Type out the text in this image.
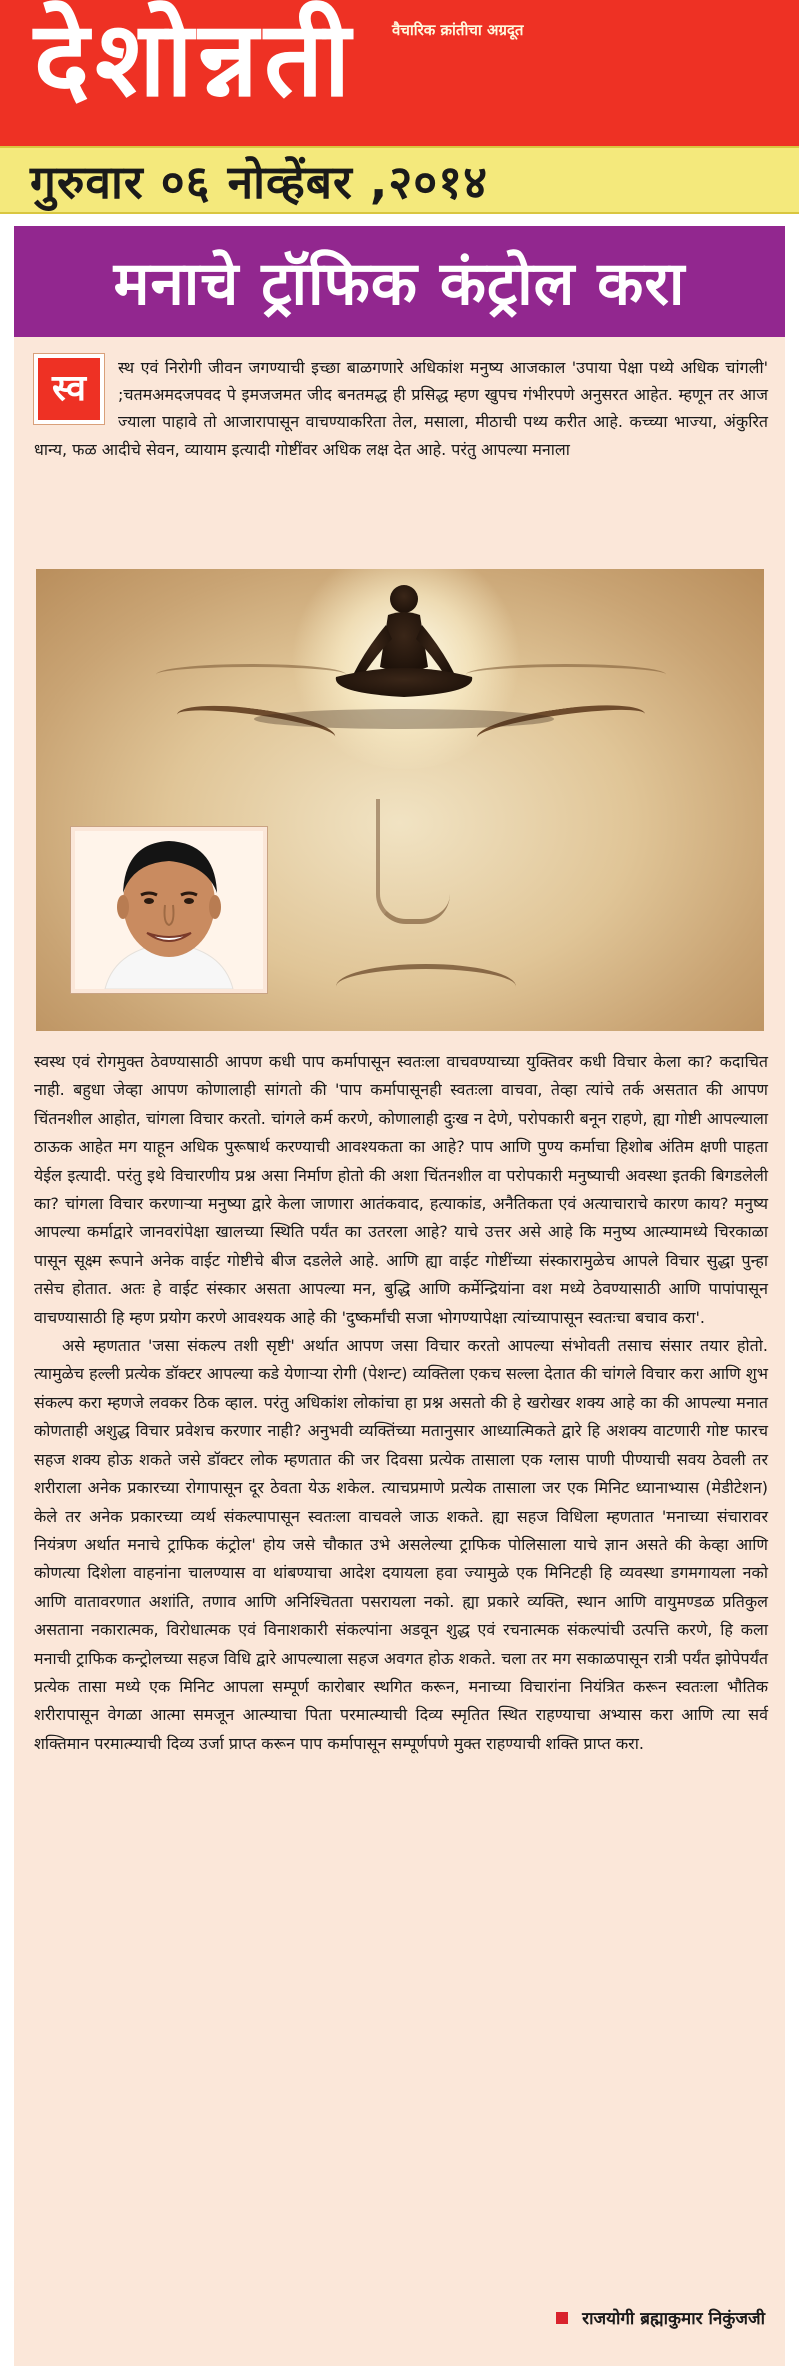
देशोन्नती वैचारिक क्रांतीचा अग्रदूत
गुरुवार ०६ नोव्हेंबर ,२०१४
मनाचे ट्रॉफिक कंट्रोल करा
स्व
स्थ एवं निरोगी जीवन जगण्याची इच्छा बाळगणारे अधिकांश मनुष्य आजकाल 'उपाया पेक्षा पथ्ये अधिक चांगली' ;चतमअमदजपवद पे इमजजमत जीद बनतमद्ध ही प्रसिद्ध म्हण खुपच गंभीरपणे अनुसरत आहेत. म्हणून तर आज ज्याला पाहावे तो आजारापासून वाचण्याकरिता तेल, मसाला, मीठाची पथ्य करीत आहे. कच्च्या भाज्या, अंकुरित धान्य, फळ आदीचे सेवन, व्यायाम इत्यादी गोष्टींवर अधिक लक्ष देत आहे. परंतु आपल्या मनाला

स्वस्थ एवं रोगमुक्त ठेवण्यासाठी आपण कधी पाप कर्मापासून स्वतःला वाचवण्याच्या युक्तिवर कधी विचार केला का? कदाचित नाही. बहुधा जेव्हा आपण कोणालाही सांगतो की 'पाप कर्मापासूनही स्वतःला वाचवा, तेव्हा त्यांचे तर्क असतात की आपण चिंतनशील आहोत, चांगला विचार करतो. चांगले कर्म करणे, कोणालाही दुःख न देणे, परोपकारी बनून राहणे, ह्या गोष्टी आपल्याला ठाऊक आहेत मग याहून अधिक पुरूषार्थ करण्याची आवश्यकता का आहे? पाप आणि पुण्य कर्माचा हिशोब अंतिम क्षणी पाहता येईल इत्यादी. परंतु इथे विचारणीय प्रश्न असा निर्माण होतो की अशा चिंतनशील वा परोपकारी मनुष्याची अवस्था इतकी बिगडलेली का? चांगला विचार करणाऱ्या मनुष्या द्वारे केला जाणारा आतंकवाद, हत्याकांड, अनैतिकता एवं अत्याचाराचे कारण काय? मनुष्य आपल्या कर्माद्वारे जानवरांपेक्षा खालच्या स्थिति पर्यंत का उतरला आहे? याचे उत्तर असे आहे कि मनुष्य आत्म्यामध्ये चिरकाळा पासून सूक्ष्म रूपाने अनेक वाईट गोष्टीचे बीज दडलेले आहे. आणि ह्या वाईट गोष्टींच्या संस्कारामुळेच आपले विचार सुद्धा पुन्हा तसेच होतात. अतः हे वाईट संस्कार असता आपल्या मन, बुद्धि आणि कर्मेन्द्रियांना वश मध्ये ठेवण्यासाठी आणि पापांपासून वाचण्यासाठी हि म्हण प्रयोग करणे आवश्यक आहे की 'दुष्कर्मांची सजा भोगण्यापेक्षा त्यांच्यापासून स्वतःचा बचाव करा'.

असे म्हणतात 'जसा संकल्प तशी सृष्टी' अर्थात आपण जसा विचार करतो आपल्या संभोवती तसाच संसार तयार होतो. त्यामुळेच हल्ली प्रत्येक डॉक्टर आपल्या कडे येणाऱ्या रोगी (पेशन्ट) व्यक्तिला एकच सल्ला देतात की चांगले विचार करा आणि शुभ संकल्प करा म्हणजे लवकर ठिक व्हाल. परंतु अधिकांश लोकांचा हा प्रश्न असतो की हे खरोखर शक्य आहे का की आपल्या मनात कोणताही अशुद्ध विचार प्रवेशच करणार नाही? अनुभवी व्यक्तिंच्या मतानुसार आध्यात्मिकते द्वारे हि अशक्य वाटणारी गोष्ट फारच सहज शक्य होऊ शकते जसे डॉक्टर लोक म्हणतात की जर दिवसा प्रत्येक तासाला एक ग्लास पाणी पीण्याची सवय ठेवली तर शरीराला अनेक प्रकारच्या रोगापासून दूर ठेवता येऊ शकेल. त्याचप्रमाणे प्रत्येक तासाला जर एक मिनिट ध्यानाभ्यास (मेडीटेशन) केले तर अनेक प्रकारच्या व्यर्थ संकल्पापासून स्वतःला वाचवले जाऊ शकते. ह्या सहज विधिला म्हणतात 'मनाच्या संचारावर नियंत्रण अर्थात मनाचे ट्राफिक कंट्रोल' होय जसे चौकात उभे असलेल्या ट्राफिक पोलिसाला याचे ज्ञान असते की केव्हा आणि कोणत्या दिशेला वाहनांना चालण्यास वा थांबण्याचा आदेश दयायला हवा ज्यामुळे एक मिनिटही हि व्यवस्था डगमगायला नको आणि वातावरणात अशांति, तणाव आणि अनिश्चितता पसरायला नको. ह्या प्रकारे व्यक्ति, स्थान आणि वायुमण्डळ प्रतिकुल असताना नकारात्मक, विरोधात्मक एवं विनाशकारी संकल्पांना अडवून शुद्ध एवं रचनात्मक संकल्पांची उत्पत्ति करणे, हि कला मनाची ट्राफिक कन्ट्रोलच्या सहज विधि द्वारे आपल्याला सहज अवगत होऊ शकते. चला तर मग सकाळपासून रात्री पर्यंत झोपेपर्यंत प्रत्येक तासा मध्ये एक मिनिट आपला सम्पूर्ण कारोबार स्थगित करून, मनाच्या विचारांना नियंत्रित करून स्वतःला भौतिक शरीरापासून वेगळा आत्मा समजून आत्म्याचा पिता परमात्म्याची दिव्य स्मृतित स्थित राहण्याचा अभ्यास करा आणि त्या सर्व शक्तिमान परमात्म्याची दिव्य उर्जा प्राप्त करून पाप कर्मापासून सम्पूर्णपणे मुक्त राहण्याची शक्ति प्राप्त करा.

राजयोगी ब्रह्माकुमार निकुंजजी
